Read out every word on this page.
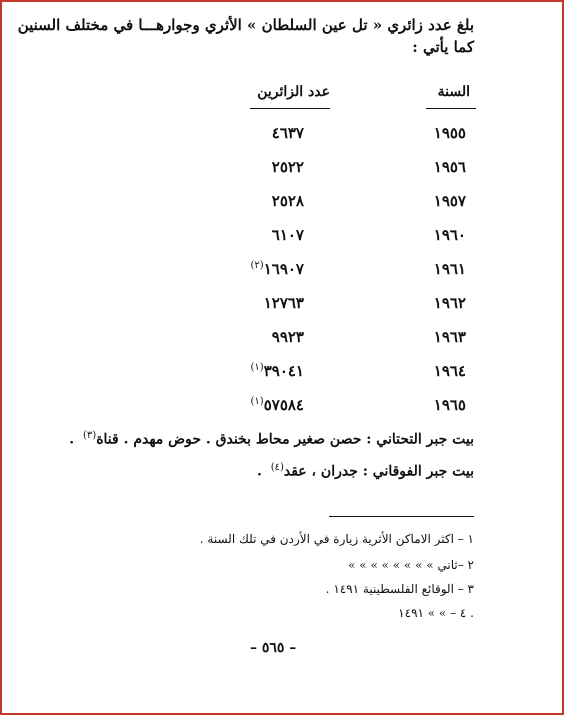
بلغ عدد زائري « تل عين السلطان » الأثري وجوارهـــا في مختلف السنين
كما يأتي :
السنة
عدد الزائرين
١٩٥٥
٤٦٣٧
١٩٥٦
٢٥٢٢
١٩٥٧
٢٥٢٨
١٩٦٠
٦١٠٧
١٩٦١
١٦٩٠٧$^{(٢)}$
١٩٦٢
١٢٧٦٣
١٩٦٣
٩٩٢٣
١٩٦٤
٣٩٠٤١$^{(١)}$
١٩٦٥
٥٧٥٨٤$^{(١)}$
بيت جبر التحتاني : حصن صغير محاط بخندق . حوض مهدم . قناة$^{(٣)}$ .
بيت جبر الفوقاني : جدران ، عقد$^{(٤)}$ .
١ – اكثر الاماكن الأثرية زيارة في الأردن في تلك السنة .
٢ –ثاني » » » » » » » »
٣ – الوقائع الفلسطينية ١٤٩١ .
٤ – » » ١٤٩١ .
– ٥٦٥ –
